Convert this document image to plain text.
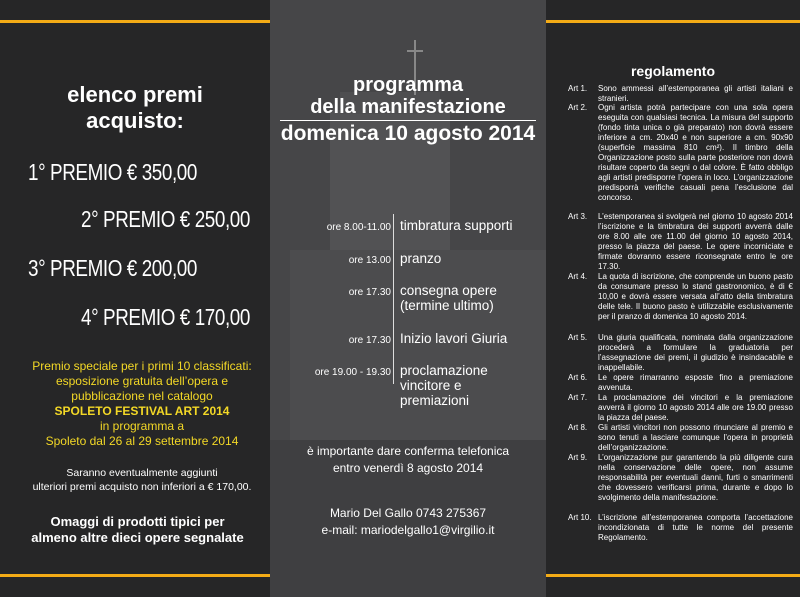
elenco premi
acquisto:
1° PREMIO € 350,00
2° PREMIO € 250,00
3° PREMIO € 200,00
4° PREMIO € 170,00
Premio speciale per i primi 10 classificati:
esposizione gratuita dell’opera e
pubblicazione nel catalogo
SPOLETO FESTIVAL ART 2014
in programma a
Spoleto dal 26 al 29 settembre 2014
Saranno eventualmente aggiunti
ulteriori premi acquisto non inferiori a € 170,00.
Omaggi di prodotti tipici per
almeno altre dieci opere segnalate
programma
della manifestazione
domenica 10 agosto 2014
ore 8.00-11.00 timbratura supporti
ore 13.00 pranzo
ore 17.30 consegna opere (termine ultimo)
ore 17.30 Inizio lavori Giuria
ore 19.00 - 19.30 proclamazione vincitore e premiazioni
è importante dare conferma telefonica
entro venerdì 8 agosto 2014
Mario Del Gallo 0743 275367
e-mail: mariodelgallo1@virgilio.it
regolamento
Art 1.	Sono ammessi all’estemporanea gli artisti italiani e stranieri.
Art 2.	Ogni artista potrà partecipare con una sola opera eseguita con qualsiasi tecnica. La misura del supporto (fondo tinta unica o già preparato) non dovrà essere inferiore a cm. 20x40 e non superiore a cm. 90x90 (superficie massima 810 cm²). Il timbro della Organizzazione posto sulla parte posteriore non dovrà risultare coperto da segni o dal colore. È fatto obbligo agli artisti predisporre l’opera in loco. L’organizzazione predisporrà verifiche casuali pena l’esclusione dal concorso.
Art 3.	L’estemporanea si svolgerà nel giorno 10 agosto 2014 l’iscrizione e la timbratura dei supporti avverrà dalle ore 8.00 alle ore 11.00 del giorno 10 agosto 2014, presso la piazza del paese. Le opere incorniciate e firmate dovranno essere riconsegnate entro le ore 17.30.
Art 4.	La quota di iscrizione, che comprende un buono pasto da consumare presso lo stand gastronomico, è di € 10,00 e dovrà essere versata all’atto della timbratura delle tele. Il buono pasto è utilizzabile esclusivamente per il pranzo di domenica 10 agosto 2014.
Art 5.	Una giuria qualificata, nominata dalla organizzazione procederà a formulare la graduatoria per l’assegnazione dei premi, il giudizio è insindacabile e inappellabile.
Art 6.	Le opere rimarranno esposte fino a premiazione avvenuta.
Art 7.	La proclamazione dei vincitori e la premiazione avverrà il giorno 10 agosto 2014 alle ore 19.00 presso la piazza del paese.
Art 8.	Gli artisti vincitori non possono rinunciare al premio e sono tenuti a lasciare comunque l’opera in proprietà dell’organizzazione.
Art 9.	L’organizzazione pur garantendo la più diligente cura nella conservazione delle opere, non assume responsabilità per eventuali danni, furti o smarrimenti che dovessero verificarsi prima, durante e dopo lo svolgimento della manifestazione.
Art 10. L’iscrizione all’estemporanea comporta l’accettazione incondizionata di tutte le norme del presente Regolamento.
